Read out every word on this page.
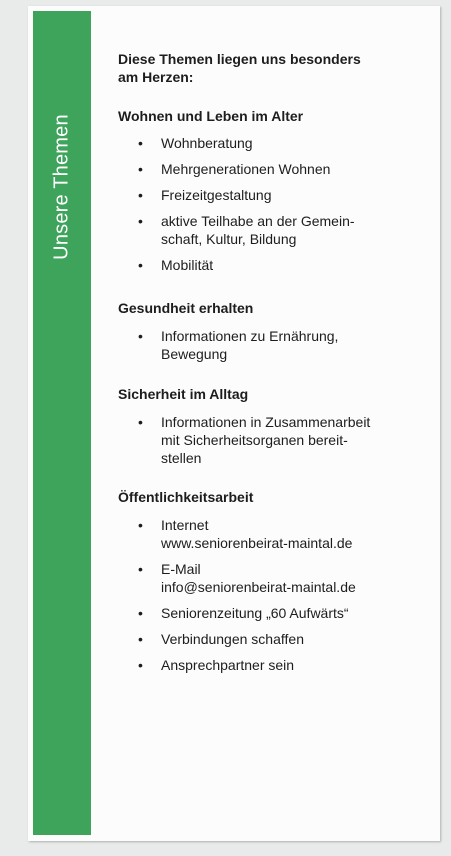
Unsere Themen

Diese Themen liegen uns besonders
am Herzen:

Wohnen und Leben im Alter
• Wohnberatung
• Mehrgenerationen Wohnen
• Freizeitgestaltung
• aktive Teilhabe an der Gemein-
schaft, Kultur, Bildung
• Mobilität
Gesundheit erhalten
• Informationen zu Ernährung,
Bewegung
Sicherheit im Alltag
• Informationen in Zusammenarbeit
mit Sicherheitsorganen bereit-
stellen
Öffentlichkeitsarbeit
• Internet
www.seniorenbeirat-maintal.de
• E-Mail
info@seniorenbeirat-maintal.de
• Seniorenzeitung „60 Aufwärts“
• Verbindungen schaffen
• Ansprechpartner sein
